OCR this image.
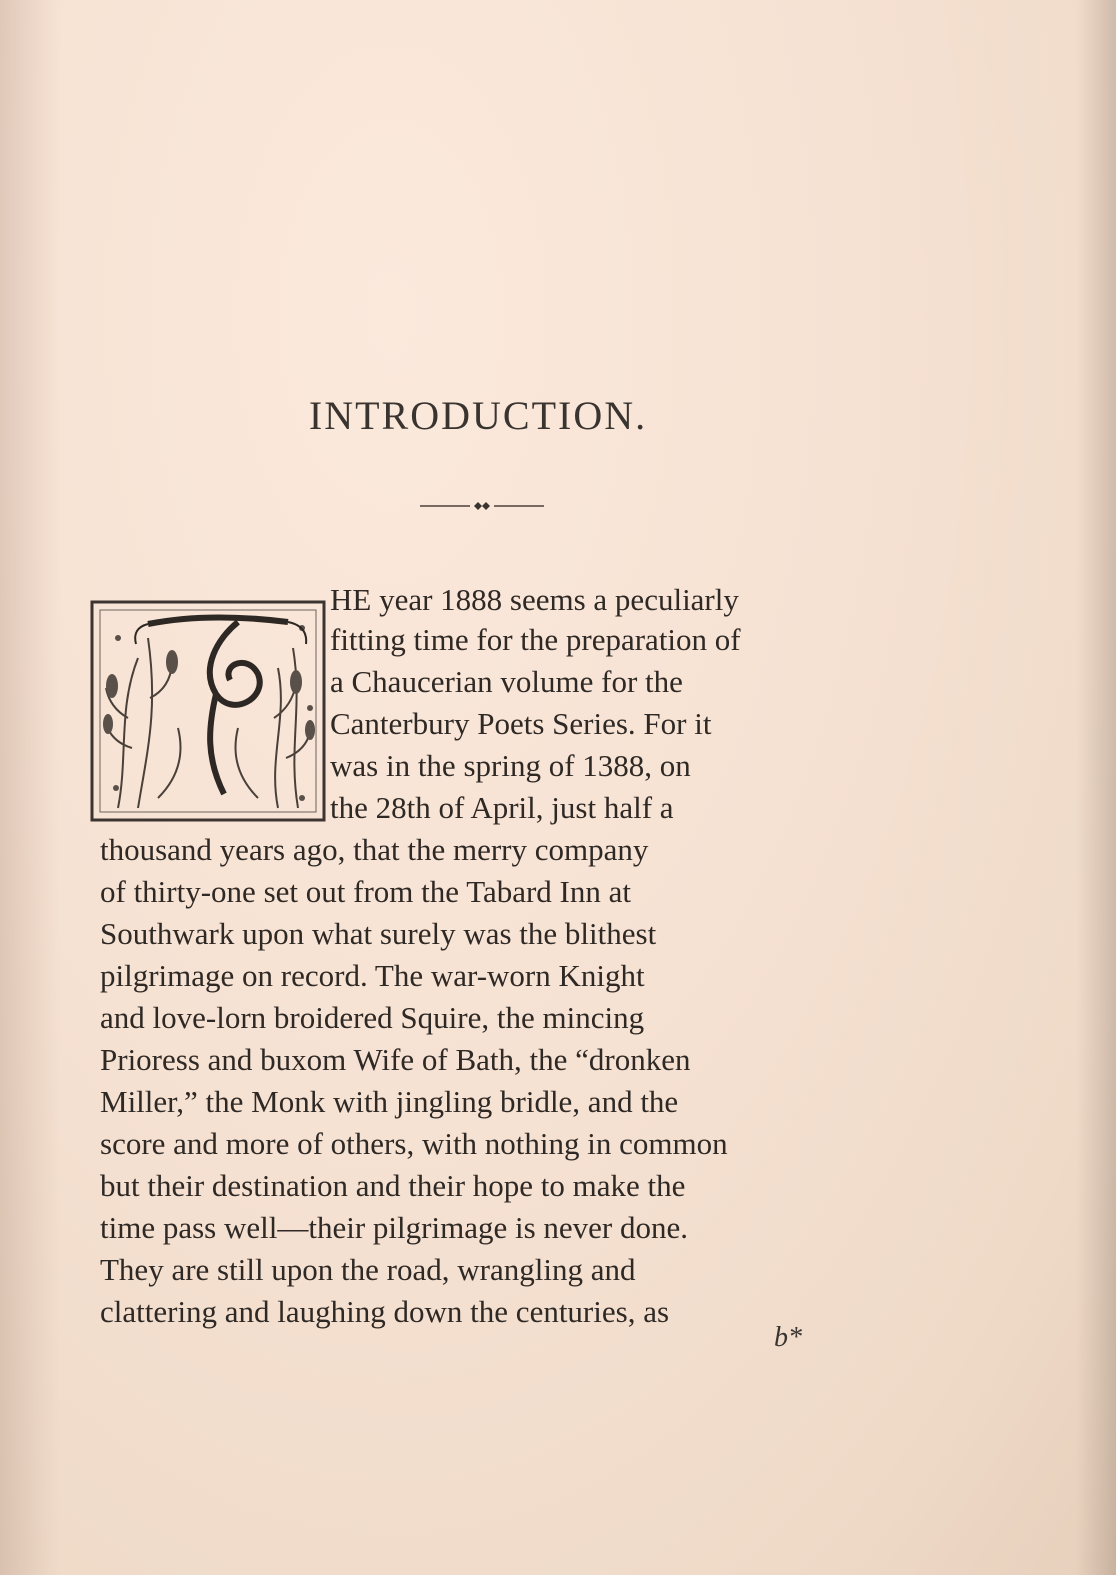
INTRODUCTION.
HE year 1888 seems a peculiarly
fitting time for the preparation of
a Chaucerian volume for the
Canterbury Poets Series. For it
was in the spring of 1388, on
the 28th of April, just half a
thousand years ago, that the merry company
of thirty-one set out from the Tabard Inn at
Southwark upon what surely was the blithest
pilgrimage on record. The war-worn Knight
and love-lorn broidered Squire, the mincing
Prioress and buxom Wife of Bath, the “dronken
Miller,” the Monk with jingling bridle, and the
score and more of others, with nothing in common
but their destination and their hope to make the
time pass well—their pilgrimage is never done.
They are still upon the road, wrangling and
clattering and laughing down the centuries, as
b*
